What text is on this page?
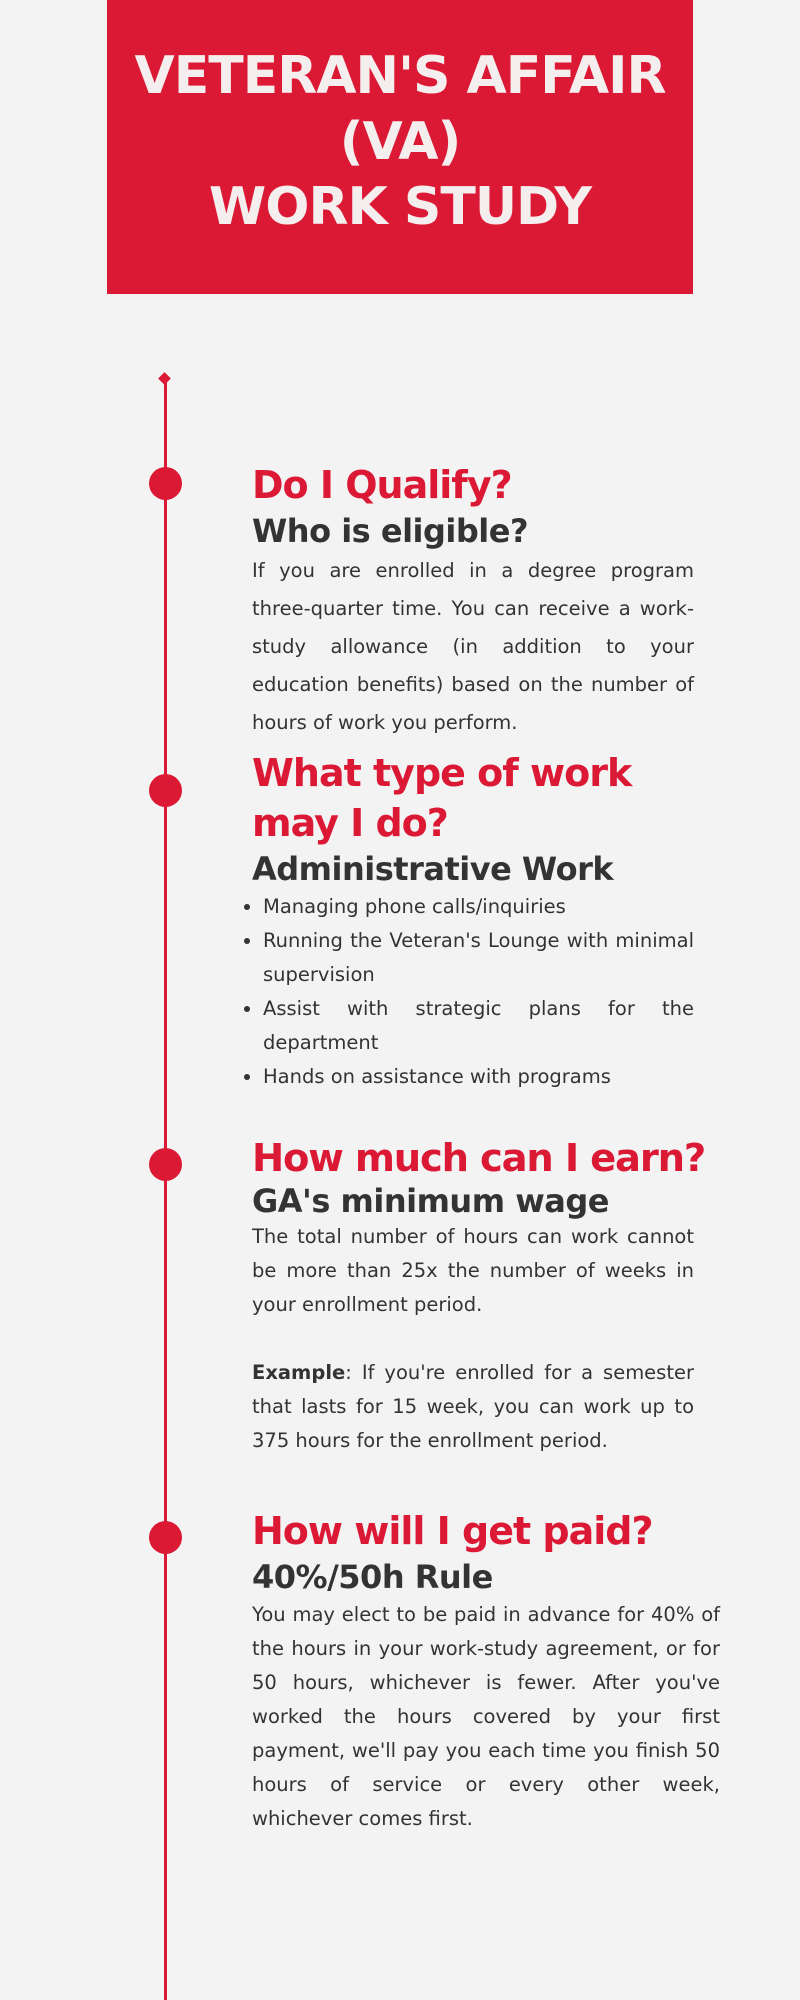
VETERAN'S AFFAIR
(VA)
WORK STUDY
Do I Qualify?
Who is eligible?

If you are enrolled in a degree program three-quarter time. You can receive a work-study allowance (in addition to your education benefits) based on the number of hours of work you perform.

What type of work
may I do?
Administrative Work
Managing phone calls/inquiries
Running the Veteran's Lounge with minimal supervision
Assist with strategic plans for the department
Hands on assistance with programs
How much can I earn?
GA's minimum wage

The total number of hours can work cannot be more than 25x the number of weeks in your enrollment period.

Example: If you're enrolled for a semester that lasts for 15 week, you can work up to 375 hours for the enrollment period.

How will I get paid?
40%/50h Rule

You may elect to be paid in advance for 40% of the hours in your work-study agreement, or for 50 hours, whichever is fewer. After you've worked the hours covered by your first payment, we'll pay you each time you finish 50 hours of service or every other week, whichever comes first.
